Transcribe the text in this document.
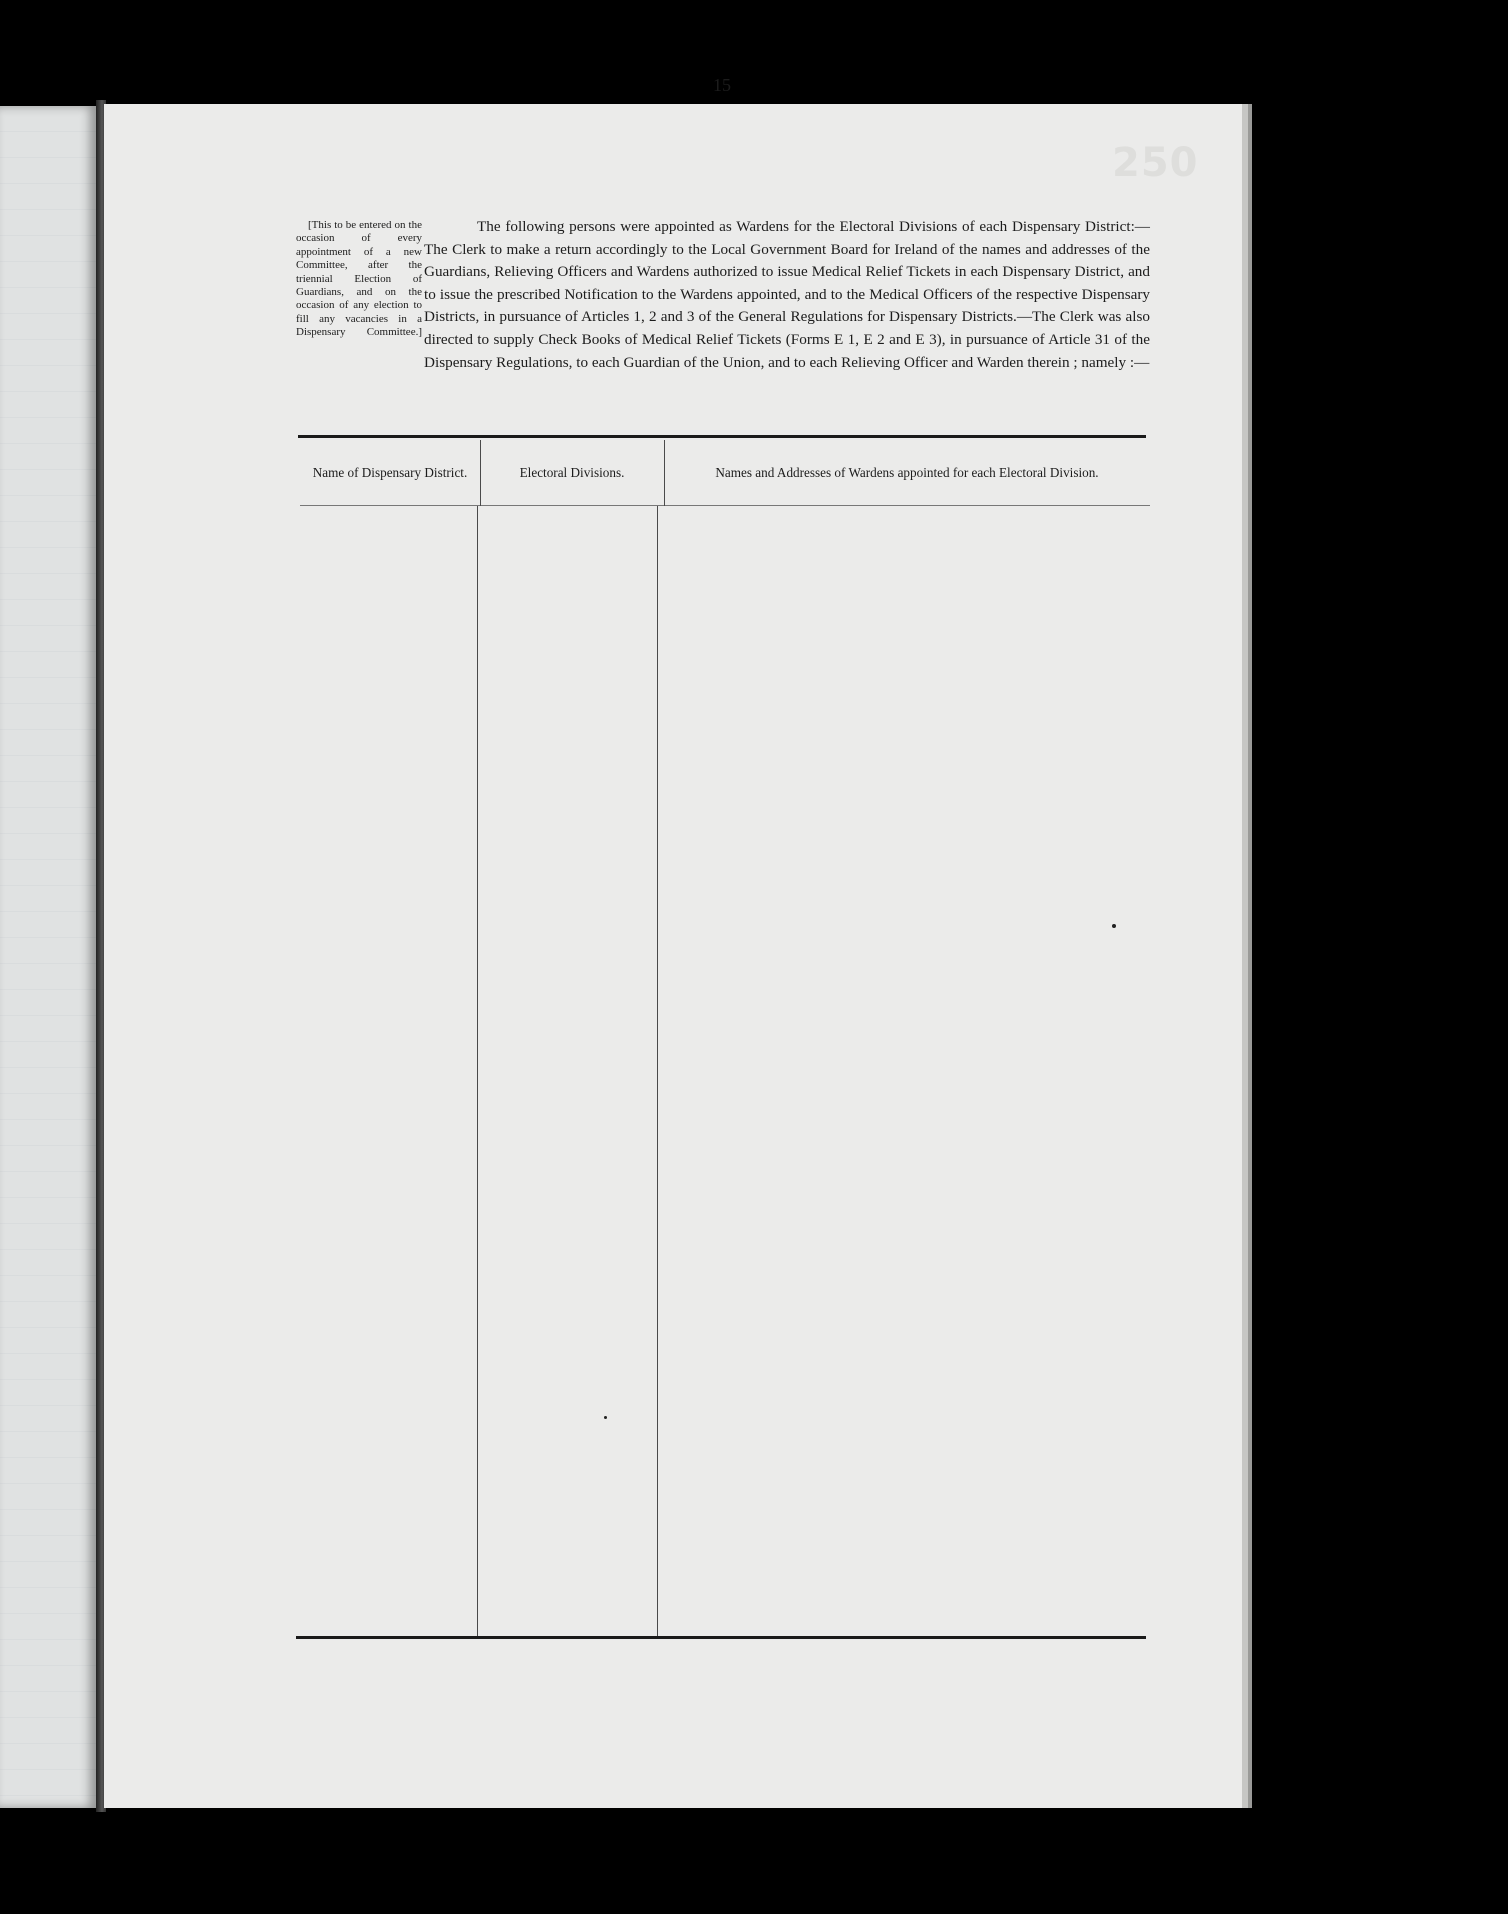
250
15
[This to be entered on the occasion of every appointment of a new Committee, after the triennial Election of Guardians, and on the occasion of any election to fill any vacancies in a Dispensary Committee.]
The following persons were appointed as Wardens for the Electoral Divisions of each Dispensary District:—The Clerk to make a return accordingly to the Local Government Board for Ireland of the names and addresses of the Guardians, Relieving Officers and Wardens authorized to issue Medical Relief Tickets in each Dispensary District, and to issue the prescribed Notification to the Wardens appointed, and to the Medical Officers of the respective Dispensary Districts, in pursuance of Articles 1, 2 and 3 of the General Regulations for Dispensary Districts.—The Clerk was also directed to supply Check Books of Medical Relief Tickets (Forms E 1, E 2 and E 3), in pursuance of Article 31 of the Dispensary Regulations, to each Guardian of the Union, and to each Relieving Officer and Warden therein ; namely :—
Name of Dispensary District.	Electoral Divisions.	Names and Addresses of Wardens appointed for each Electoral Division.
